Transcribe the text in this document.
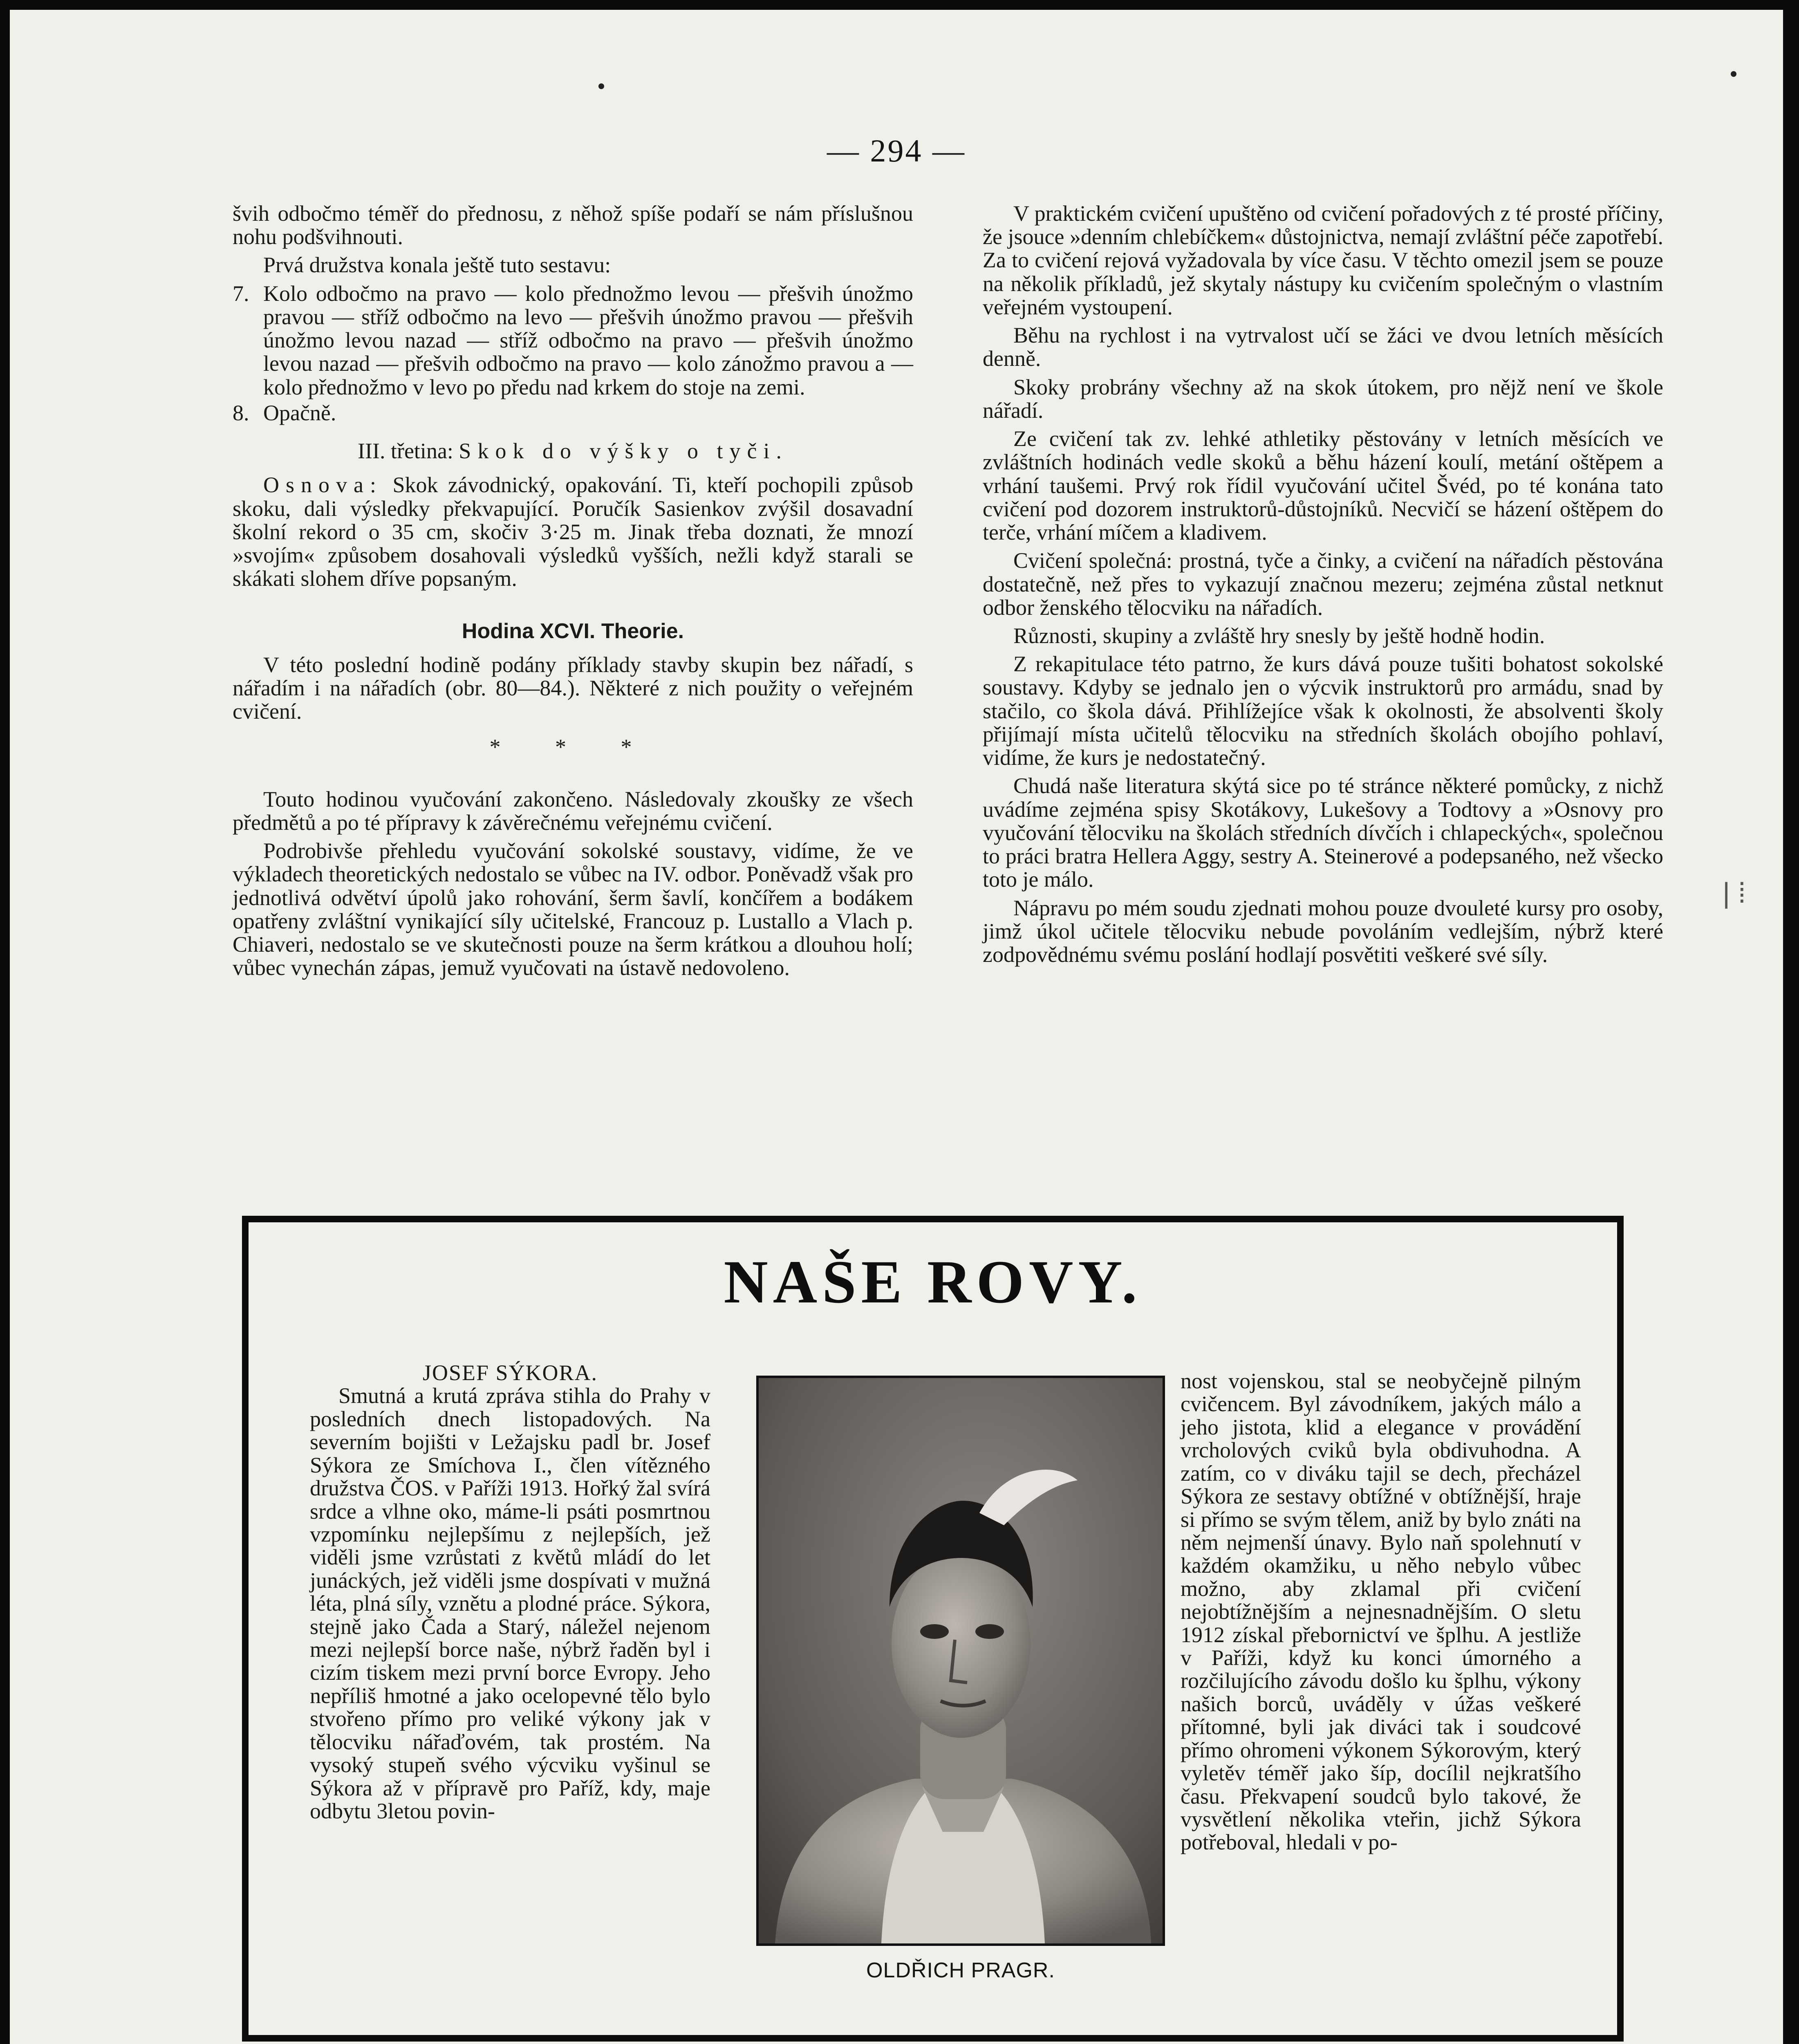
— 294 —

švih odbočmo téměř do přednosu, z něhož spíše podaří se nám příslušnou nohu podšvihnouti.

Prvá družstva konala ještě tuto sestavu:

7. Kolo odbočmo na pravo — kolo přednožmo levou — přešvih únožmo pravou — stříž odbočmo na levo — přešvih únožmo pravou — přešvih únožmo levou nazad — stříž odbočmo na pravo — přešvih únožmo levou nazad — přešvih odbočmo na pravo — kolo zánožmo pravou a — kolo přednožmo v levo po předu nad krkem do stoje na zemi.
8. Opačně.

III. třetina: Skok do výšky o tyči.

Osnova: Skok závodnický, opakování. Ti, kteří pochopili způsob skoku, dali výsledky překvapující. Poručík Sasienkov zvýšil dosavadní školní rekord o 35 cm, skočiv 3·25 m. Jinak třeba doznati, že mnozí »svojím« způsobem dosahovali výsledků vyšších, nežli když starali se skákati slohem dříve popsaným.

Hodina XCVI. Theorie.

V této poslední hodině podány příklady stavby skupin bez nářadí, s nářadím i na nářadích (obr. 80—84.). Některé z nich použity o veřejném cvičení.

* * *

Touto hodinou vyučování zakončeno. Následovaly zkoušky ze všech předmětů a po té přípravy k závěrečnému veřejnému cvičení.

Podrobivše přehledu vyučování sokolské soustavy, vidíme, že ve výkladech theoretických nedostalo se vůbec na IV. odbor. Poněvadž však pro jednotlivá odvětví úpolů jako rohování, šerm šavlí, končířem a bodákem opatřeny zvláštní vynikající síly učitelské, Francouz p. Lustallo a Vlach p. Chiaveri, nedostalo se ve skutečnosti pouze na šerm krátkou a dlouhou holí; vůbec vynechán zápas, jemuž vyučovati na ústavě nedovoleno.

V praktickém cvičení upuštěno od cvičení pořadových z té prosté příčiny, že jsouce »denním chlebíčkem« důstojnictva, nemají zvláštní péče zapotřebí. Za to cvičení rejová vyžadovala by více času. V těchto omezil jsem se pouze na několik příkladů, jež skytaly nástupy ku cvičením společným o vlastním veřejném vystoupení.

Běhu na rychlost i na vytrvalost učí se žáci ve dvou letních měsících denně.

Skoky probrány všechny až na skok útokem, pro nějž není ve škole nářadí.

Ze cvičení tak zv. lehké athletiky pěstovány v letních měsících ve zvláštních hodinách vedle skoků a běhu házení koulí, metání oštěpem a vrhání taušemi. Prvý rok řídil vyučování učitel Švéd, po té konána tato cvičení pod dozorem instruktorů-důstojníků. Necvičí se házení oštěpem do terče, vrhání míčem a kladivem.

Cvičení společná: prostná, tyče a činky, a cvičení na nářadích pěstována dostatečně, než přes to vykazují značnou mezeru; zejména zůstal netknut odbor ženského tělocviku na nářadích.

Různosti, skupiny a zvláště hry snesly by ještě hodně hodin.

Z rekapitulace této patrno, že kurs dává pouze tušiti bohatost sokolské soustavy. Kdyby se jednalo jen o výcvik instruktorů pro armádu, snad by stačilo, co škola dává. Přihlížejíce však k okolnosti, že absolventi školy přijímají místa učitelů tělocviku na středních školách obojího pohlaví, vidíme, že kurs je nedostatečný.

Chudá naše literatura skýtá sice po té stránce některé pomůcky, z nichž uvádíme zejména spisy Skotákovy, Lukešovy a Todtovy a »Osnovy pro vyučování tělocviku na školách středních dívčích i chlapeckých«, společnou to práci bratra Hellera Aggy, sestry A. Steinerové a podepsaného, než všecko toto je málo.

Nápravu po mém soudu zjednati mohou pouze dvouleté kursy pro osoby, jimž úkol učitele tělocviku nebude povoláním vedlejším, nýbrž které zodpovědnému svému poslání hodlají posvětiti veškeré své síly.

NAŠE ROVY.

JOSEF SÝKORA.

Smutná a krutá zpráva stihla do Prahy v posledních dnech listopadových. Na severním bojišti v Ležajsku padl br. Josef Sýkora ze Smíchova I., člen vítězného družstva ČOS. v Paříži 1913. Hořký žal svírá srdce a vlhne oko, máme-li psáti posmrtnou vzpomínku nejlepšímu z nejlepších, jež viděli jsme vzrůstati z květů mládí do let junáckých, jež viděli jsme dospívati v mužná léta, plná síly, vznětu a plodné práce. Sýkora, stejně jako Čada a Starý, náležel nejenom mezi nejlepší borce naše, nýbrž řaděn byl i cizím tiskem mezi první borce Evropy. Jeho nepříliš hmotné a jako ocelopevné tělo bylo stvořeno přímo pro veliké výkony jak v tělocviku nářaďovém, tak prostém. Na vysoký stupeň svého výcviku vyšinul se Sýkora až v přípravě pro Paříž, kdy, maje odbytu 3letou povin-

OLDŘICH PRAGR.

nost vojenskou, stal se neobyčejně pilným cvičencem. Byl závodníkem, jakých málo a jeho jistota, klid a elegance v provádění vrcholových cviků byla obdivuhodna. A zatím, co v diváku tajil se dech, přecházel Sýkora ze sestavy obtížné v obtížnější, hraje si přímo se svým tělem, aniž by bylo znáti na něm nejmenší únavy. Bylo naň spolehnutí v každém okamžiku, u něho nebylo vůbec možno, aby zklamal při cvičení nejobtížnějším a nejnesnadnějším. O sletu 1912 získal přebornictví ve šplhu. A jestliže v Paříži, když ku konci úmorného a rozčilujícího závodu došlo ku šplhu, výkony našich borců, uváděly v úžas veškeré přítomné, byli jak diváci tak i soudcové přímo ohromeni výkonem Sýkorovým, který vyletěv téměř jako šíp, docílil nejkratšího času. Překvapení soudců bylo takové, že vysvětlení několika vteřin, jichž Sýkora potřeboval, hledali v po-

| ⁞
